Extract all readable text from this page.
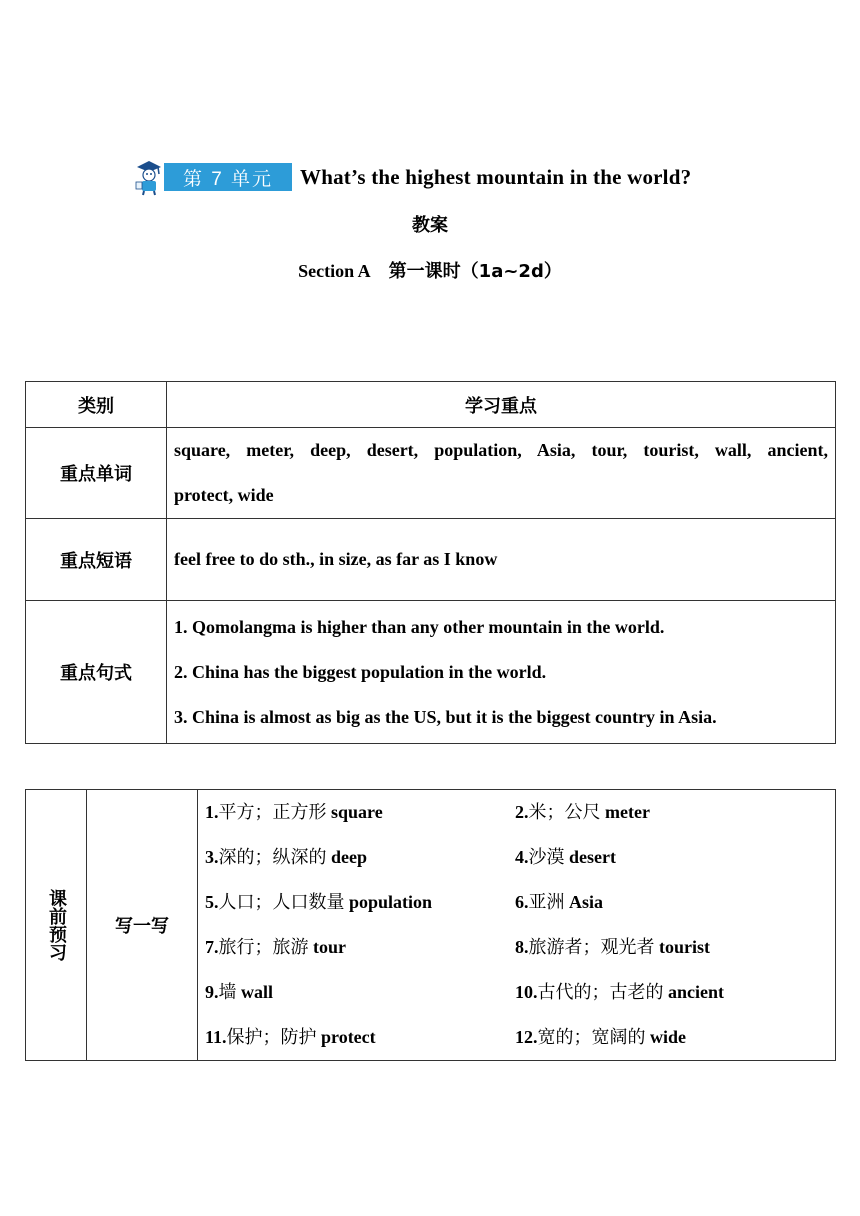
第 7 单元	What’s the highest mountain in the world?
教案
Section A 第一课时（1a~2d）
类别	学习重点
重点单词	square, meter, deep, desert, population, Asia, tour, tourist, wall, ancient,
protect, wide

重点短语	feel free to do sth., in size, as far as I know

重点句式	1. Qomolangma is higher than any other mountain in the world.
2. China has the biggest population in the world.
3. China is almost as big as the US, but it is the biggest country in Asia.
课前预习	写一写	
1.平方；正方形 square	2.米；公尺 meter
3.深的；纵深的 deep	4.沙漠 desert
5.人口；人口数量 population	6.亚洲 Asia
7.旅行；旅游 tour	8.旅游者；观光者 tourist
9.墙 wall	10.古代的；古老的 ancient
11.保护；防护 protect	12.宽的；宽阔的 wide
